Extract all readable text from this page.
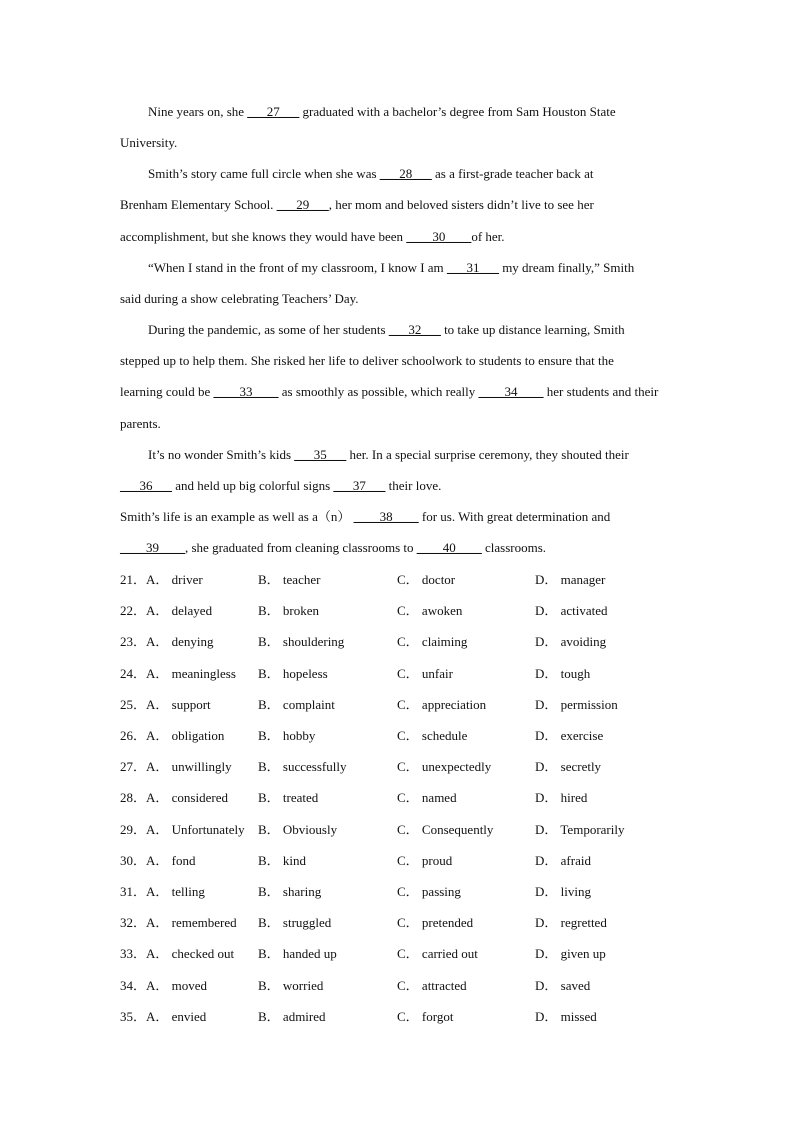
Nine years on, she ___27___ graduated with a bachelor’s degree from Sam Houston State
University.
Smith’s story came full circle when she was ___28___ as a first-grade teacher back at
Brenham Elementary School. ___29___, her mom and beloved sisters didn’t live to see her
accomplishment, but she knows they would have been ____30____of her.
“When I stand in the front of my classroom, I know I am ___31___ my dream finally,” Smith
said during a show celebrating Teachers’ Day.
During the pandemic, as some of her students ___32___ to take up distance learning, Smith
stepped up to help them. She risked her life to deliver schoolwork to students to ensure that the
learning could be ____33____ as smoothly as possible, which really ____34____ her students and their
parents.
It’s no wonder Smith’s kids ___35___ her. In a special surprise ceremony, they shouted their
___36___ and held up big colorful signs ___37___ their love.
Smith’s life is an example as well as a（n） ____38____ for us. With great determination and
____39____, she graduated from cleaning classrooms to ____40____ classrooms.
21．A． driver	B． teacher	C． doctor	D． manager
22．A． delayed	B． broken	C． awoken	D． activated
23．A． denying	B． shouldering	C． claiming	D． avoiding
24．A． meaningless B． hopeless	C． unfair	D． tough
25．A． support	B． complaint	C． appreciation	D． permission
26．A． obligation	B． hobby	C． schedule	D． exercise
27．A． unwillingly B． successfully	C． unexpectedly	D． secretly
28．A． considered B． treated	C． named	D． hired
29．A． Unfortunately B． Obviously	C． Consequently	D． Temporarily
30．A． fond	B． kind	C． proud	D． afraid
31．A． telling	B． sharing	C． passing	D． living
32．A． remembered B． struggled	C． pretended	D． regretted
33．A． checked out B． handed up	C． carried out	D． given up
34．A． moved	B． worried	C． attracted	D． saved
35．A． envied	B． admired	C． forgot	D． missed
